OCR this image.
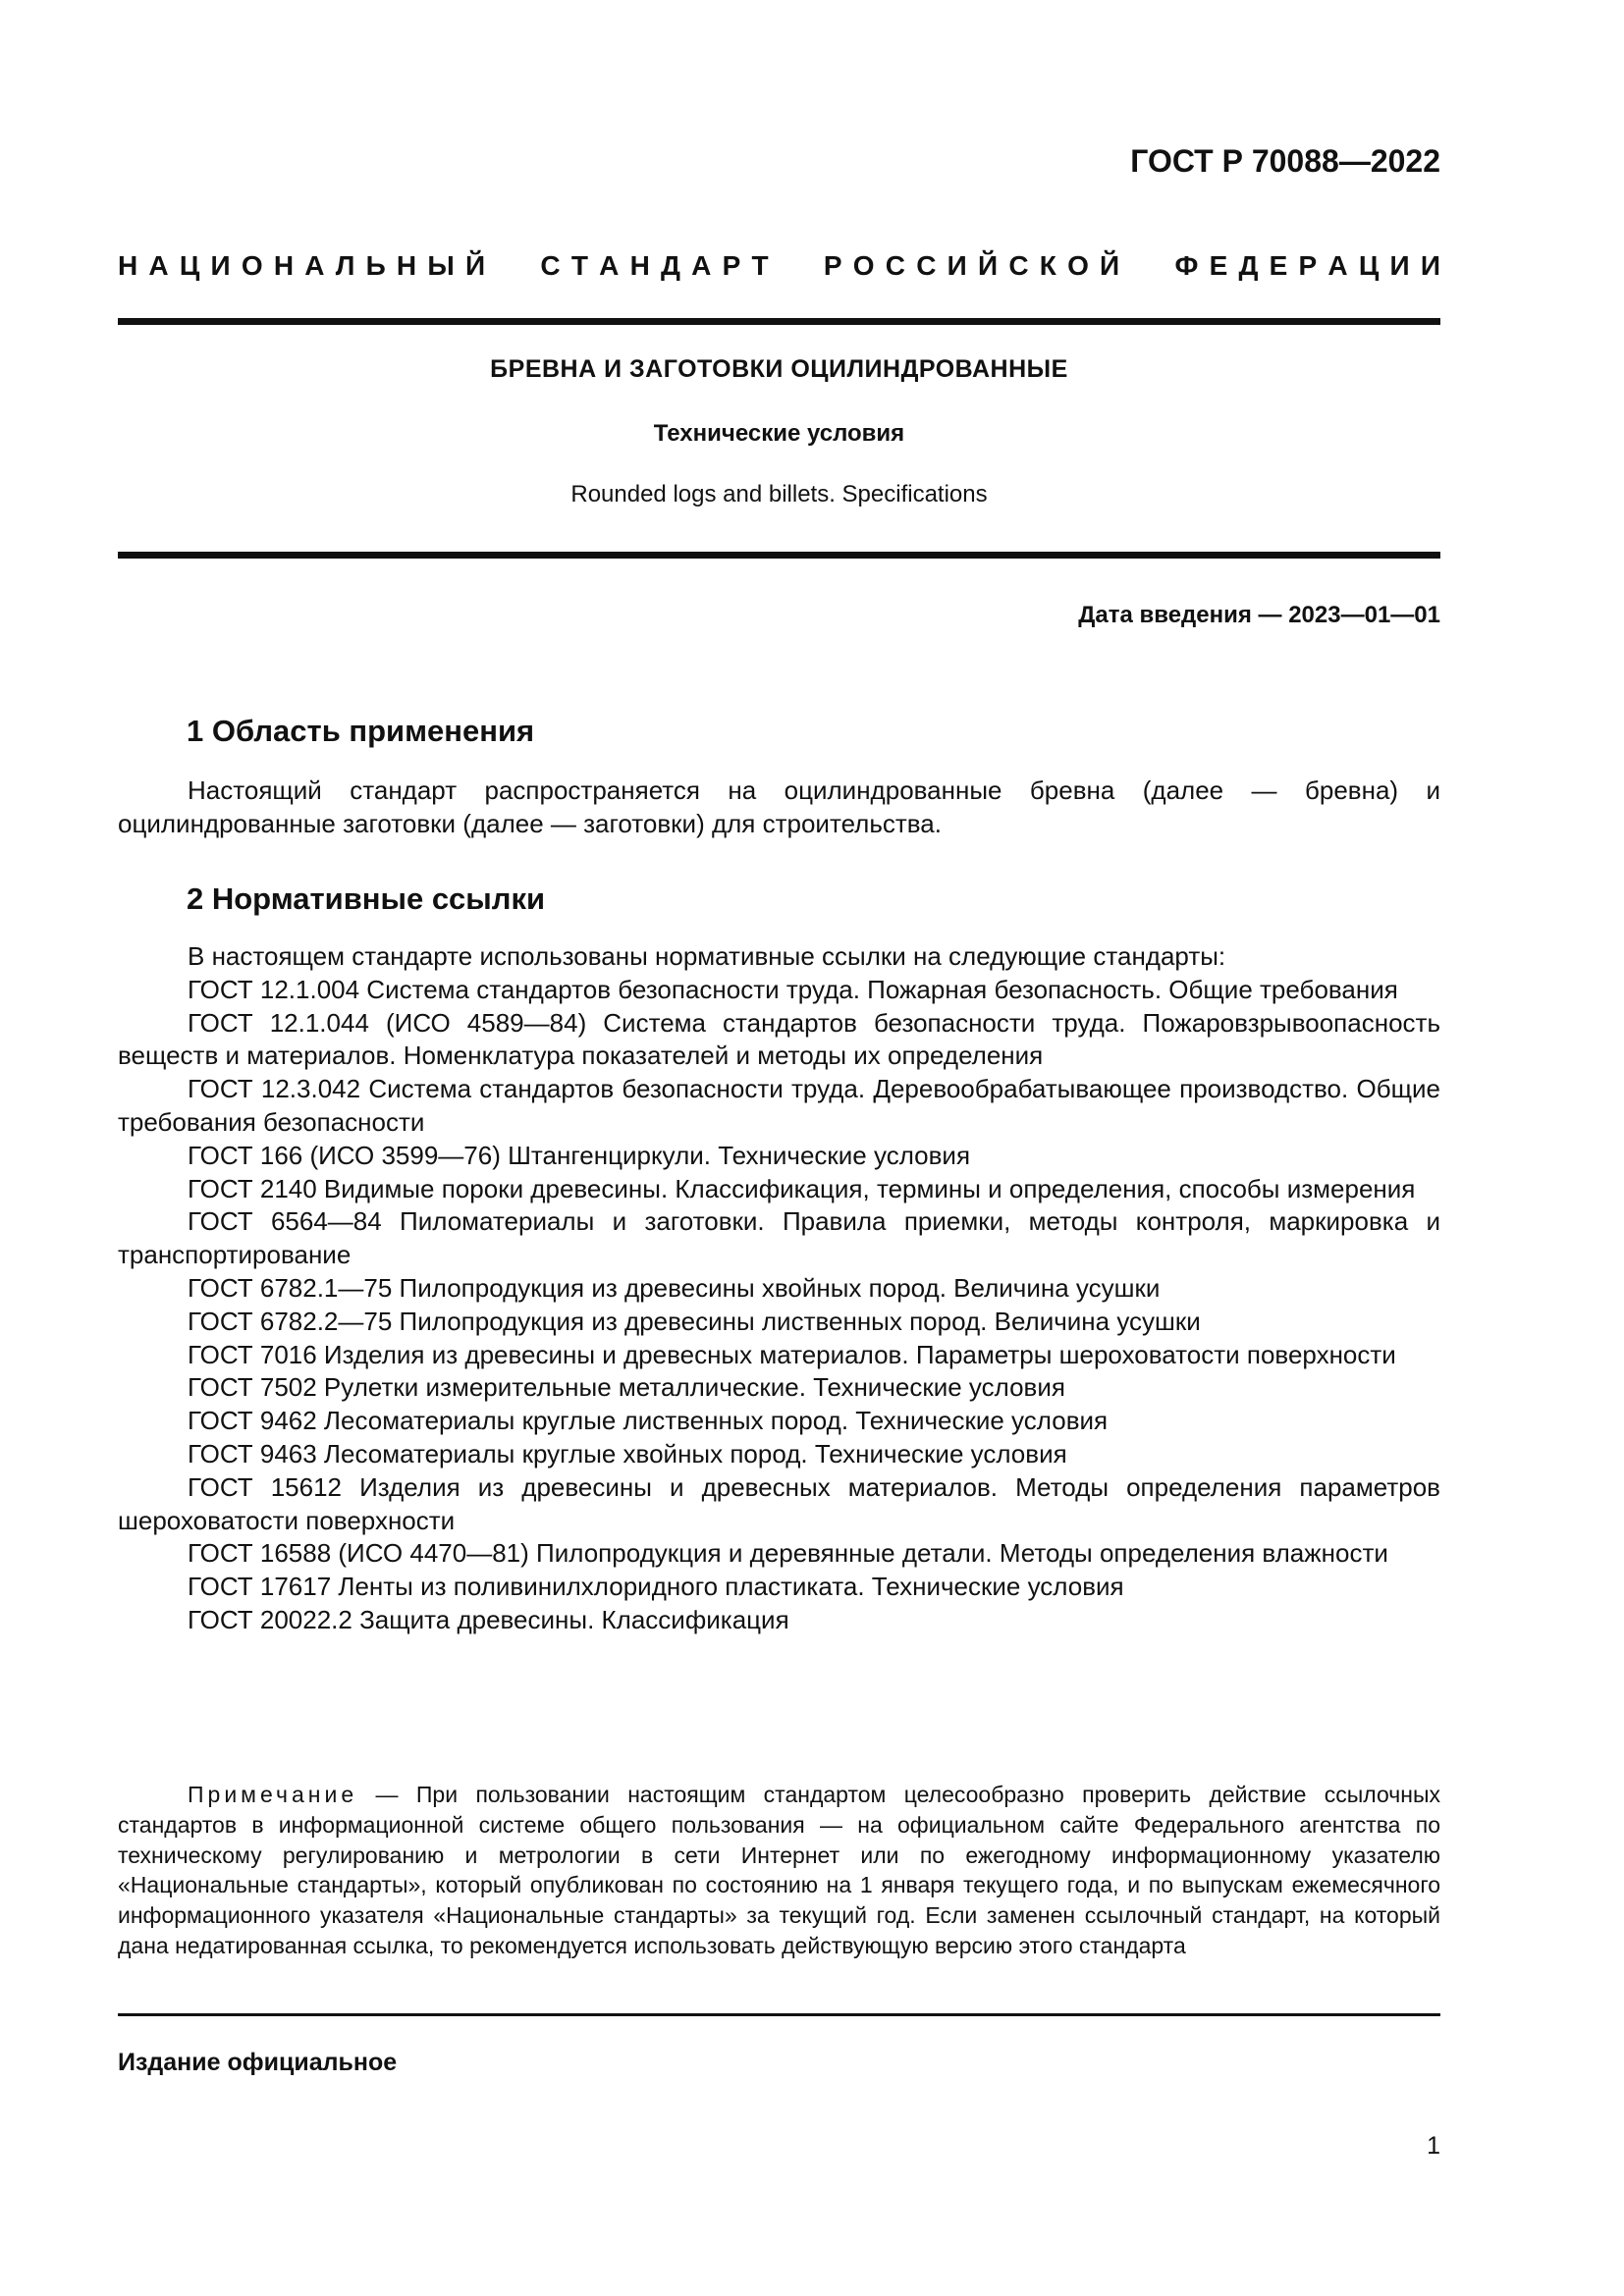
ГОСТ Р 70088—2022
Н  А  Ц  И  О  Н  А  Л  Ь  Н  Ы  Й С  Т  А  Н  Д  А  Р  Т Р  О  С  С  И  Й  С  К  О  Й Ф  Е  Д  Е  Р  А  Ц  И  И
БРЕВНА И ЗАГОТОВКИ ОЦИЛИНДРОВАННЫЕ
Технические условия
Rounded logs and billets. Specifications
Дата введения — 2023—01—01
1 Область применения

Настоящий стандарт распространяется на оцилиндрованные бревна (далее — бревна) и оцилиндрованные заготовки (далее — заготовки) для строительства.

2 Нормативные ссылки

В настоящем стандарте использованы нормативные ссылки на следующие стандарты:

ГОСТ 12.1.004 Система стандартов безопасности труда. Пожарная безопасность. Общие требования

ГОСТ 12.1.044 (ИСО 4589—84) Система стандартов безопасности труда. Пожаровзрывоопасность веществ и материалов. Номенклатура показателей и методы их определения

ГОСТ 12.3.042 Система стандартов безопасности труда. Деревообрабатывающее производство. Общие требования безопасности

ГОСТ 166 (ИСО 3599—76) Штангенциркули. Технические условия

ГОСТ 2140 Видимые пороки древесины. Классификация, термины и определения, способы измерения

ГОСТ 6564—84 Пиломатериалы и заготовки. Правила приемки, методы контроля, маркировка и транспортирование

ГОСТ 6782.1—75 Пилопродукция из древесины хвойных пород. Величина усушки

ГОСТ 6782.2—75 Пилопродукция из древесины лиственных пород. Величина усушки

ГОСТ 7016 Изделия из древесины и древесных материалов. Параметры шероховатости поверхности

ГОСТ 7502 Рулетки измерительные металлические. Технические условия

ГОСТ 9462 Лесоматериалы круглые лиственных пород. Технические условия

ГОСТ 9463 Лесоматериалы круглые хвойных пород. Технические условия

ГОСТ 15612 Изделия из древесины и древесных материалов. Методы определения параметров шероховатости поверхности

ГОСТ 16588 (ИСО 4470—81) Пилопродукция и деревянные детали. Методы определения влажности

ГОСТ 17617 Ленты из поливинилхлоридного пластиката. Технические условия

ГОСТ 20022.2 Защита древесины. Классификация

Примечание — При пользовании настоящим стандартом целесообразно проверить действие ссылочных стандартов в информационной системе общего пользования — на официальном сайте Федерального агентства по техническому регулированию и метрологии в сети Интернет или по ежегодному информационному указателю «Национальные стандарты», который опубликован по состоянию на 1 января текущего года, и по выпускам ежемесячного информационного указателя «Национальные стандарты» за текущий год. Если заменен ссылочный стандарт, на который дана недатированная ссылка, то рекомендуется использовать действующую версию этого стандарта
Издание официальное
1
